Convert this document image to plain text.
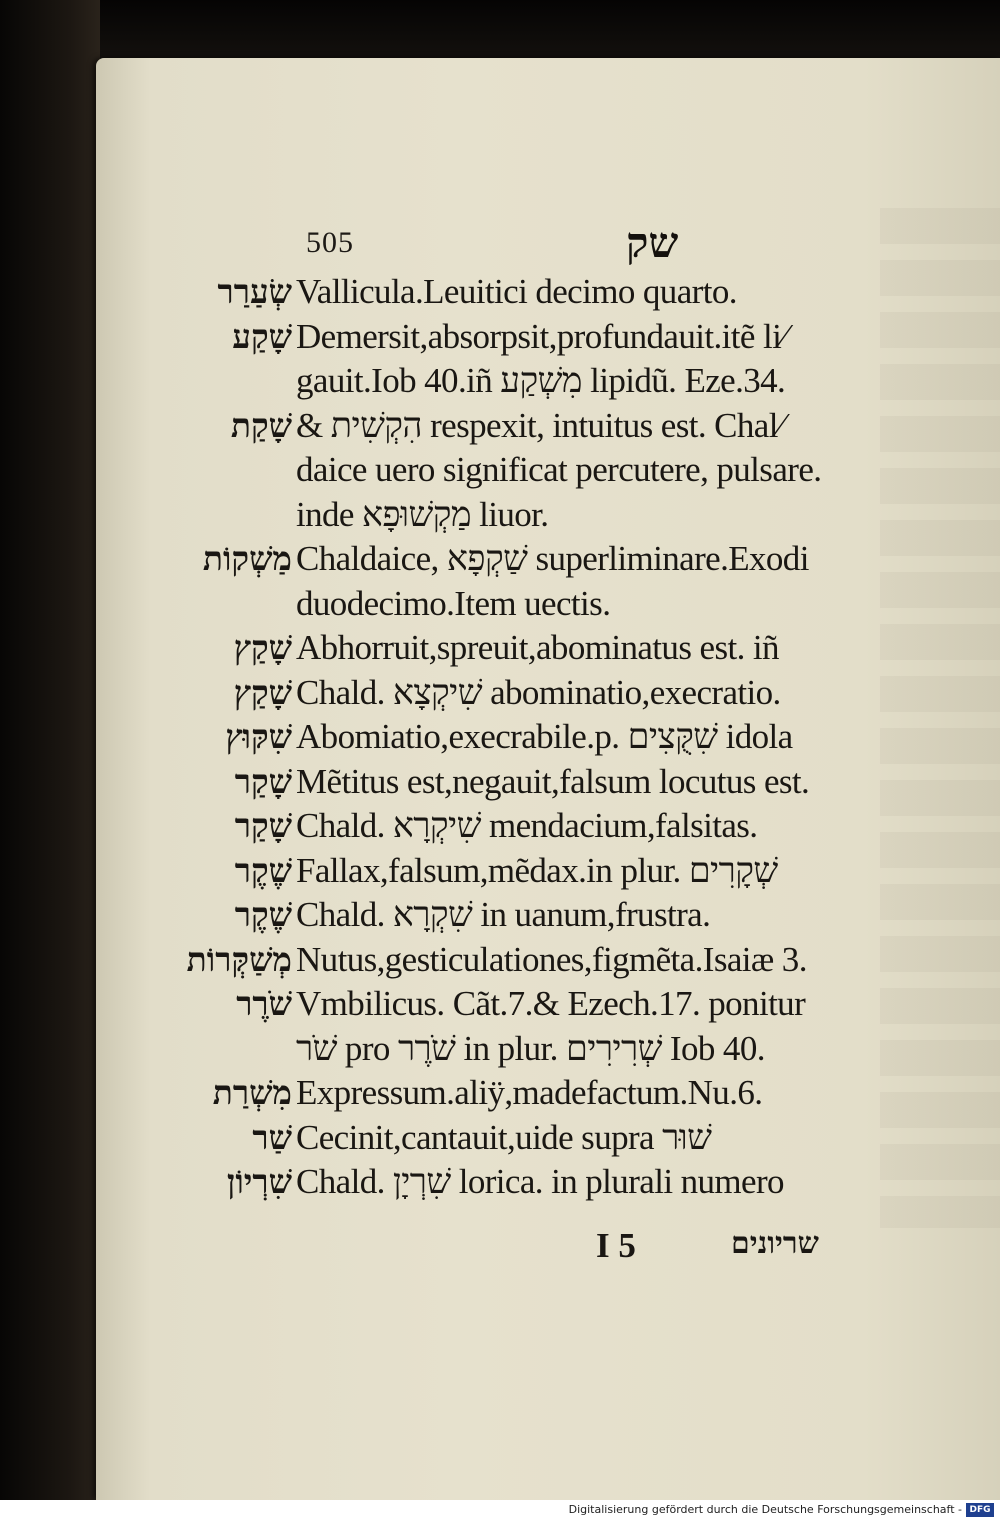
505	שק
שְׂעַרַר Vallicula.Leuitici decimo quarto.
שָׁקַע Demersit,absorpsit,profundauit.itẽ li⁄
gauit.Iob 40.iñ מִשְׁקַע lipidũ. Eze.34.
שָׁקַת & הִקְשִׁית respexit, intuitus est. Chal⁄
daice uero significat percutere, pulsare.
inde מַקְשׁוּפָא liuor.
מַשְׁקוֹת Chaldaice, שַׁקְפָא superliminare.Exodi
duodecimo.Item uectis.
שָׁקַץ Abhorruit,spreuit,abominatus est. iñ
שָׁקַץ Chald. שִׁיקְצָא abominatio,execratio.
שִׁקּוּץ Abomiatio,execrabile.p. שִׁקֻּצִים idola
שָׁקַר Mẽtitus est,negauit,falsum locutus est.
שָׁקַר Chald. שִׁיקְרָא mendacium,falsitas.
שֶׁקֶר Fallax,falsum,mẽdax.in plur. שְׁקָרִים
שֶׁקֶר Chald. שִׁקְרָא in uanum,frustra.
מְשַׁקְּרוֹת Nutus,gesticulationes,figmẽta.Isaiæ 3.
שֹׁרֶר Vmbilicus. Cãt.7.& Ezech.17. ponitur
שֹׁר pro שֹׁרֶר in plur. שְׁרִירִים Iob 40.
מִשְׁרַת Expressum.aliÿ,madefactum.Nu.6.
שַׁר Cecinit,cantauit,uide supra שׁוּר
שִׁרְיוֹן Chald. שִׁרְיָן lorica. in plurali numero
I 5	שריונים
Digitalisierung gefördert durch die Deutsche Forschungsgemeinschaft - DFG
